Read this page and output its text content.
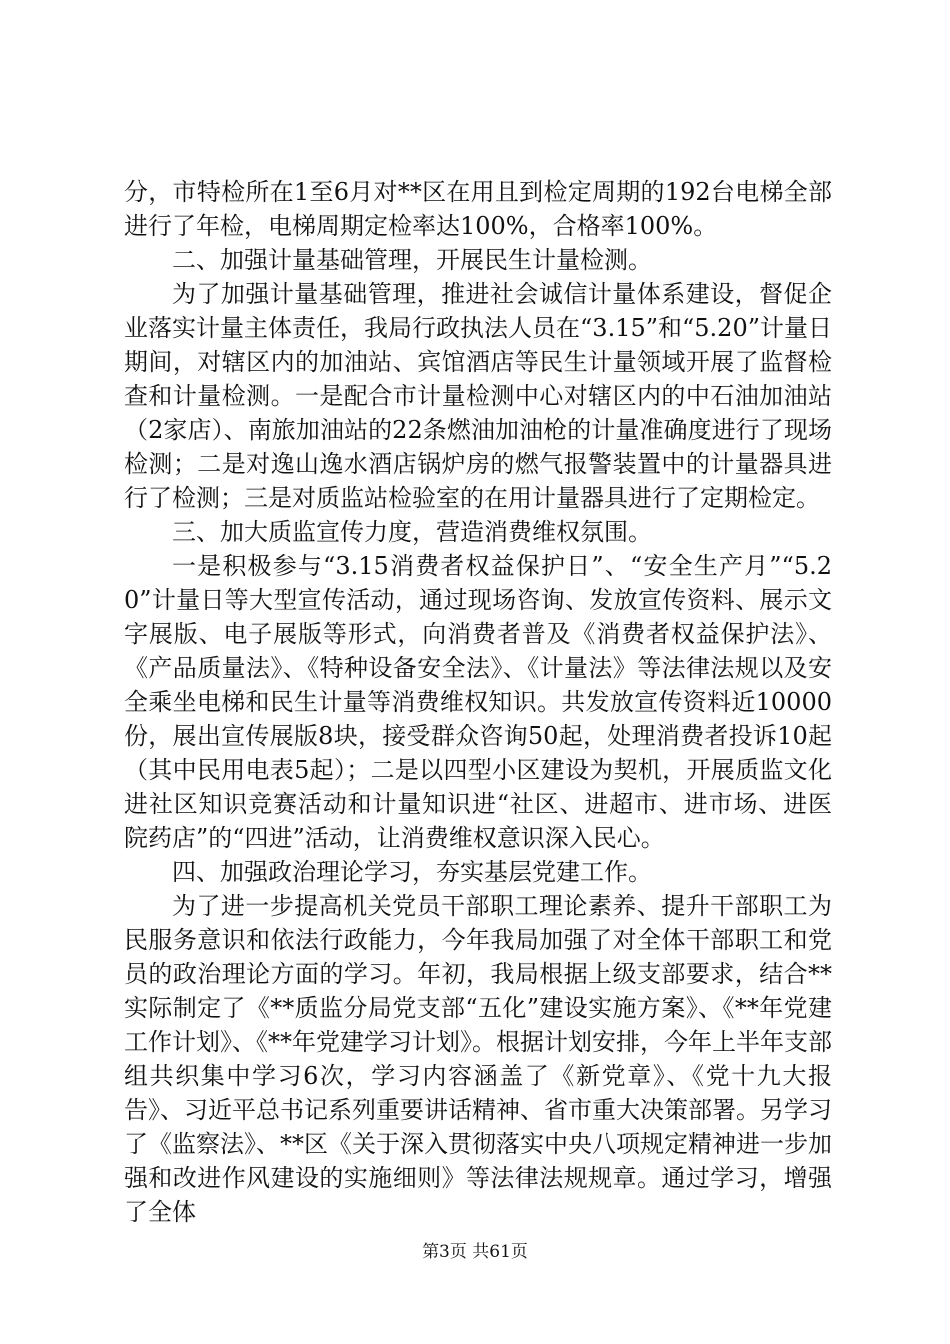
分，市特检所在1至6月对**区在用且到检定周期的192台电梯全部进行了年检，电梯周期定检率达100%，合格率100%。

二、加强计量基础管理，开展民生计量检测。

为了加强计量基础管理，推进社会诚信计量体系建设，督促企业落实计量主体责任，我局行政执法人员在“3.15”和“5.20”计量日期间，对辖区内的加油站、宾馆酒店等民生计量领域开展了监督检查和计量检测。一是配合市计量检测中心对辖区内的中石油加油站（2家店）、南旅加油站的22条燃油加油枪的计量准确度进行了现场检测；二是对逸山逸水酒店锅炉房的燃气报警装置中的计量器具进行了检测；三是对质监站检验室的在用计量器具进行了定期检定。

三、加大质监宣传力度，营造消费维权氛围。

一是积极参与“3.15消费者权益保护日”、“安全生产月”“5.20”计量日等大型宣传活动，通过现场咨询、发放宣传资料、展示文字展版、电子展版等形式，向消费者普及《消费者权益保护法》、《产品质量法》、《特种设备安全法》、《计量法》等法律法规以及安全乘坐电梯和民生计量等消费维权知识。共发放宣传资料近10000份，展出宣传展版8块，接受群众咨询50起，处理消费者投诉10起（其中民用电表5起）；二是以四型小区建设为契机，开展质监文化进社区知识竞赛活动和计量知识进“社区、进超市、进市场、进医院药店”的“四进”活动，让消费维权意识深入民心。

四、加强政治理论学习，夯实基层党建工作。

为了进一步提高机关党员干部职工理论素养、提升干部职工为民服务意识和依法行政能力，今年我局加强了对全体干部职工和党员的政治理论方面的学习。年初，我局根据上级支部要求，结合**实际制定了《**质监分局党支部“五化”建设实施方案》、《**年党建工作计划》、《**年党建学习计划》。根据计划安排，今年上半年支部组共织集中学习6次，学习内容涵盖了《新党章》、《党十九大报告》、习近平总书记系列重要讲话精神、省市重大决策部署。另学习了《监察法》、**区《关于深入贯彻落实中央八项规定精神进一步加强和改进作风建设的实施细则》等法律法规规章。通过学习，增强了全体

第3页 共61页
